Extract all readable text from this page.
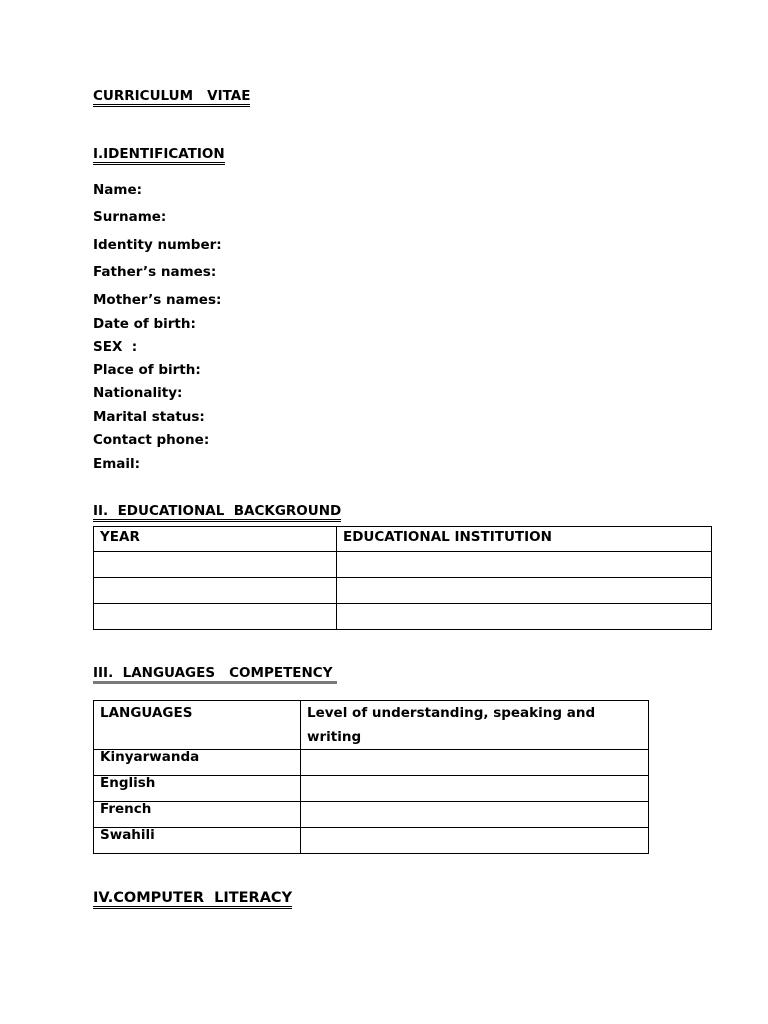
CURRICULUM   VITAE
I.IDENTIFICATION
Name:
Surname:
Identity number:
Father’s names:
Mother’s names:
Date of birth:
SEX  :
Place of birth:
Nationality:
Marital status:
Contact phone:
Email:
II.  EDUCATIONAL  BACKGROUND
YEAR	EDUCATIONAL INSTITUTION

III.  LANGUAGES   COMPETENCY
LANGUAGES	Level of understanding, speaking and writing
Kinyarwanda	
English	
French	
Swahili	
IV.COMPUTER  LITERACY
